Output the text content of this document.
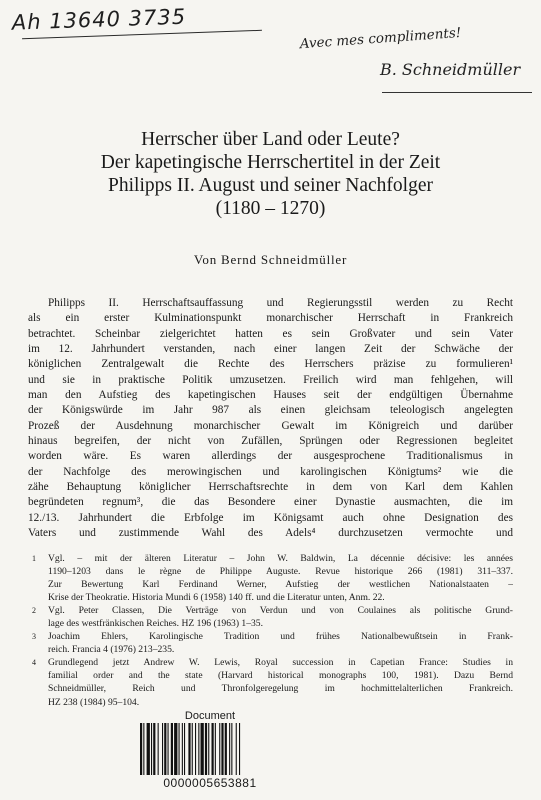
Ah 13640 3735
Avec mes compliments!
B. Schneidmüller
Herrscher über Land oder Leute?
Der kapetingische Herrschertitel in der Zeit
Philipps II. August und seiner Nachfolger
(1180 – 1270)
Von Bernd Schneidmüller
Philipps II. Herrschaftsauffassung und Regierungsstil werden zu Recht
als ein erster Kulminationspunkt monarchischer Herrschaft in Frankreich
betrachtet. Scheinbar zielgerichtet hatten es sein Großvater und sein Vater
im 12. Jahrhundert verstanden, nach einer langen Zeit der Schwäche der
königlichen Zentralgewalt die Rechte des Herrschers präzise zu formulieren¹
und sie in praktische Politik umzusetzen. Freilich wird man fehlgehen, will
man den Aufstieg des kapetingischen Hauses seit der endgültigen Übernahme
der Königswürde im Jahr 987 als einen gleichsam teleologisch angelegten
Prozeß der Ausdehnung monarchischer Gewalt im Königreich und darüber
hinaus begreifen, der nicht von Zufällen, Sprüngen oder Regressionen begleitet
worden wäre. Es waren allerdings der ausgesprochene Traditionalismus in
der Nachfolge des merowingischen und karolingischen Königtums² wie die
zähe Behauptung königlicher Herrschaftsrechte in dem von Karl dem Kahlen
begründeten regnum³, die das Besondere einer Dynastie ausmachten, die im
12./13. Jahrhundert die Erbfolge im Königsamt auch ohne Designation des
Vaters und zustimmende Wahl des Adels⁴ durchzusetzen vermochte und
1	Vgl. – mit der älteren Literatur – John W. Baldwin, La décennie décisive: les années
1190–1203 dans le règne de Philippe Auguste. Revue historique 266 (1981) 311–337.
Zur Bewertung Karl Ferdinand Werner, Aufstieg der westlichen Nationalstaaten –
Krise der Theokratie. Historia Mundi 6 (1958) 140 ff. und die Literatur unten, Anm. 22.
2	Vgl. Peter Classen, Die Verträge von Verdun und von Coulaines als politische Grund-
lage des westfränkischen Reiches. HZ 196 (1963) 1–35.
3	Joachim Ehlers, Karolingische Tradition und frühes Nationalbewußtsein in Frank-
reich. Francia 4 (1976) 213–235.
4	Grundlegend jetzt Andrew W. Lewis, Royal succession in Capetian France: Studies in
familial order and the state (Harvard historical monographs 100, 1981). Dazu Bernd
Schneidmüller, Reich und Thronfolgeregelung im hochmittelalterlichen Frankreich.
HZ 238 (1984) 95–104.
Document
0000005653881
